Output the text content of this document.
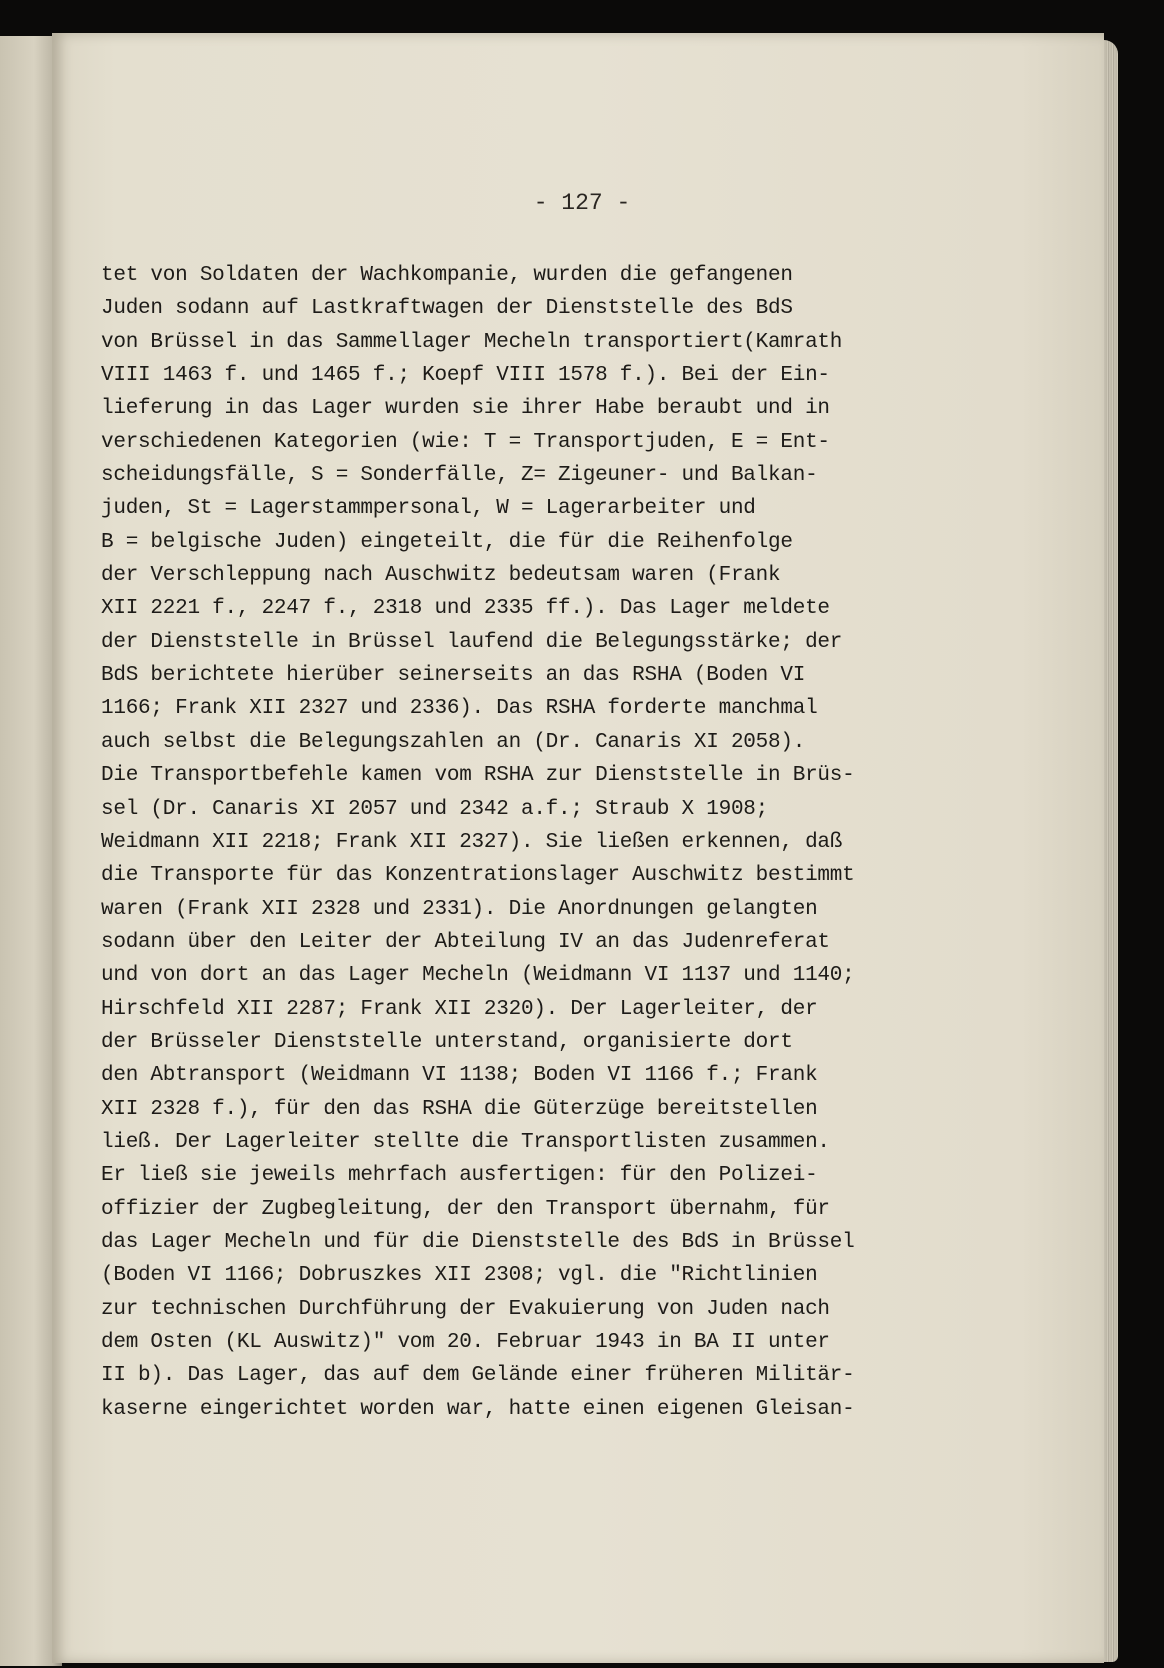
- 127 -

tet von Soldaten der Wachkompanie, wurden die gefangenen
Juden sodann auf Lastkraftwagen der Dienststelle des BdS
von Brüssel in das Sammellager Mecheln transportiert(Kamrath
VIII 1463 f. und 1465 f.; Koepf VIII 1578 f.). Bei der Ein-
lieferung in das Lager wurden sie ihrer Habe beraubt und in
verschiedenen Kategorien (wie: T = Transportjuden, E = Ent-
scheidungsfälle, S = Sonderfälle, Z= Zigeuner- und Balkan-
juden, St = Lagerstammpersonal, W = Lagerarbeiter und
B = belgische Juden) eingeteilt, die für die Reihenfolge
der Verschleppung nach Auschwitz bedeutsam waren (Frank
XII 2221 f., 2247 f., 2318 und 2335 ff.). Das Lager meldete
der Dienststelle in Brüssel laufend die Belegungsstärke; der
BdS berichtete hierüber seinerseits an das RSHA (Boden VI
1166; Frank XII 2327 und 2336). Das RSHA forderte manchmal
auch selbst die Belegungszahlen an (Dr. Canaris XI 2058).
Die Transportbefehle kamen vom RSHA zur Dienststelle in Brüs-
sel (Dr. Canaris XI 2057 und 2342 a.f.; Straub X 1908;
Weidmann XII 2218; Frank XII 2327). Sie ließen erkennen, daß
die Transporte für das Konzentrationslager Auschwitz bestimmt
waren (Frank XII 2328 und 2331). Die Anordnungen gelangten
sodann über den Leiter der Abteilung IV an das Judenreferat
und von dort an das Lager Mecheln (Weidmann VI 1137 und 1140;
Hirschfeld XII 2287; Frank XII 2320). Der Lagerleiter, der
der Brüsseler Dienststelle unterstand, organisierte dort
den Abtransport (Weidmann VI 1138; Boden VI 1166 f.; Frank
XII 2328 f.), für den das RSHA die Güterzüge bereitstellen
ließ. Der Lagerleiter stellte die Transportlisten zusammen.
Er ließ sie jeweils mehrfach ausfertigen: für den Polizei-
offizier der Zugbegleitung, der den Transport übernahm, für
das Lager Mecheln und für die Dienststelle des BdS in Brüssel
(Boden VI 1166; Dobruszkes XII 2308; vgl. die "Richtlinien
zur technischen Durchführung der Evakuierung von Juden nach
dem Osten (KL Auswitz)" vom 20. Februar 1943 in BA II unter
II b). Das Lager, das auf dem Gelände einer früheren Militär-
kaserne eingerichtet worden war, hatte einen eigenen Gleisan-
